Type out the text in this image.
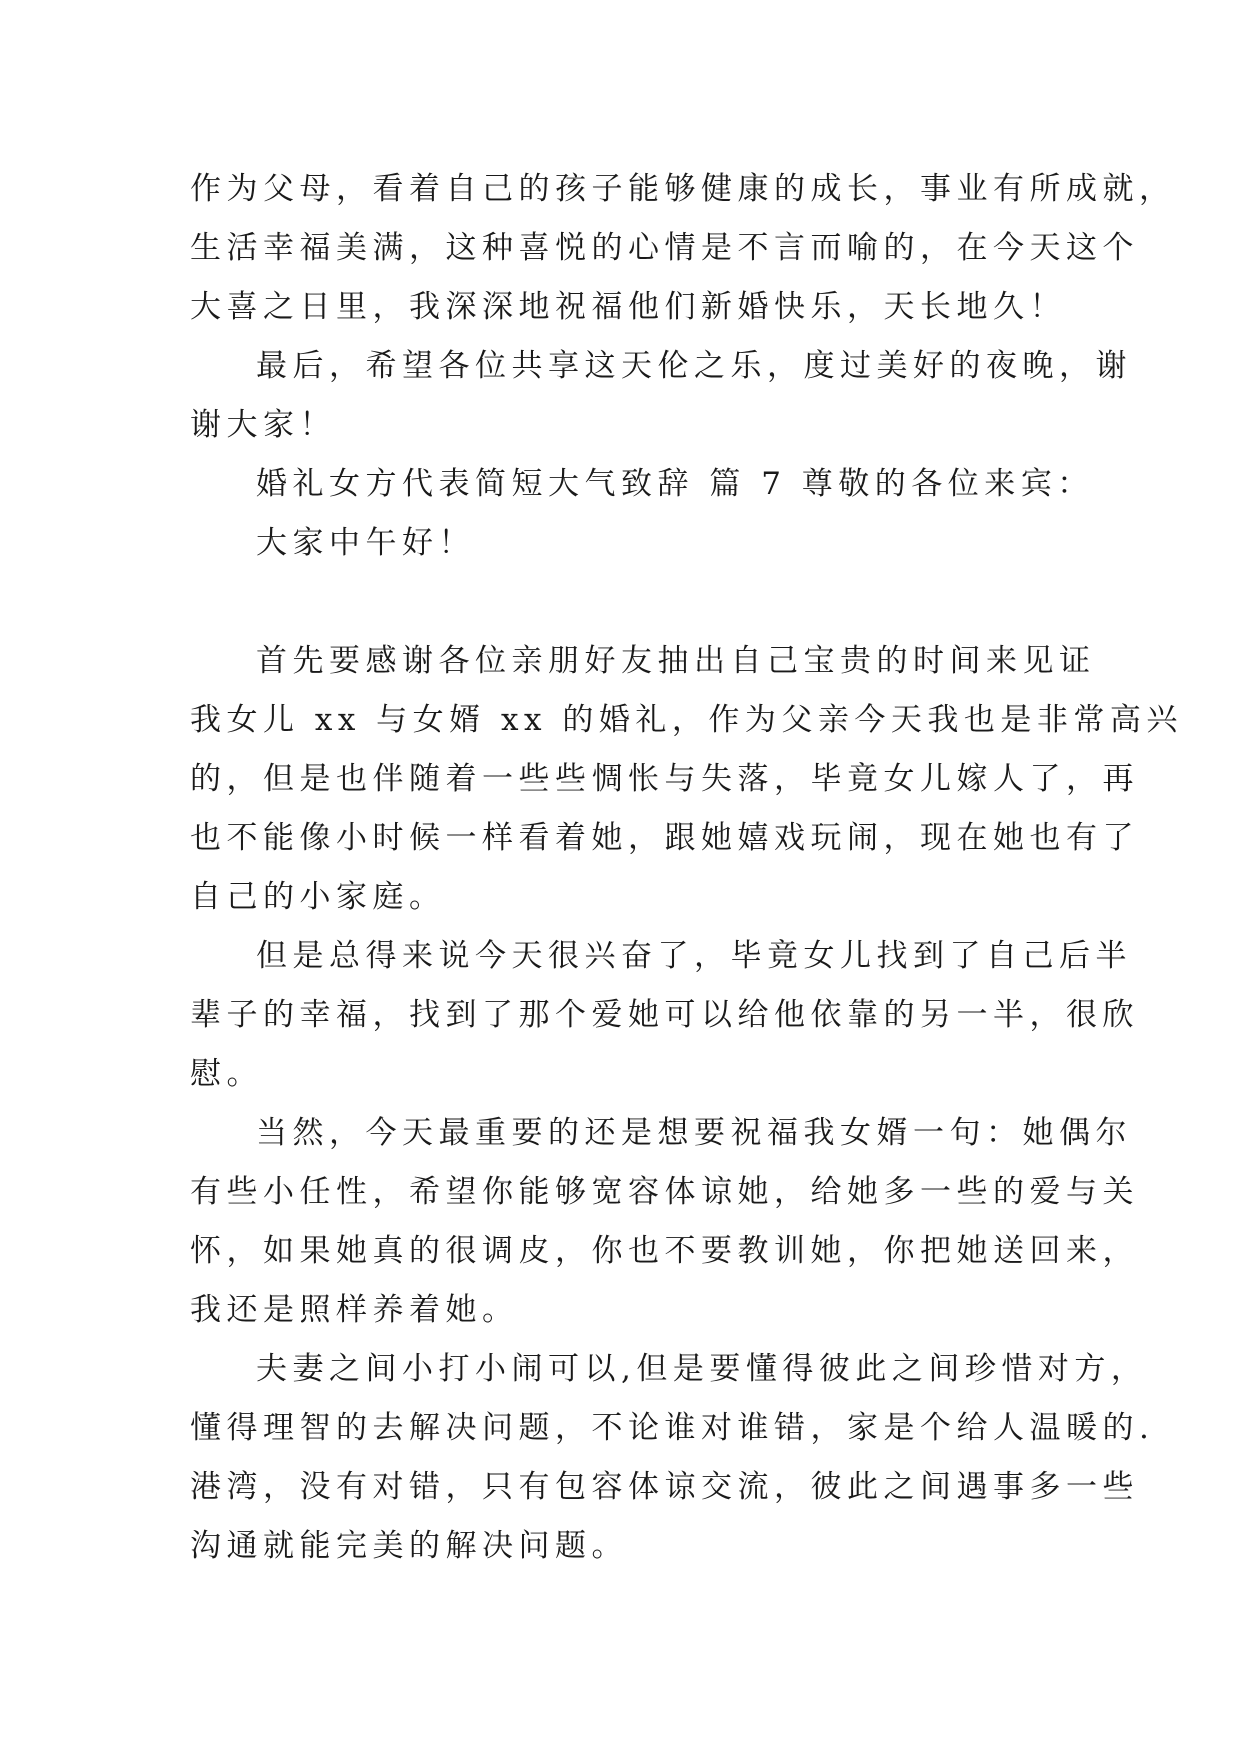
作为父母，看着自己的孩子能够健康的成长，事业有所成就，
生活幸福美满，这种喜悦的心情是不言而喻的，在今天这个
大喜之日里，我深深地祝福他们新婚快乐，天长地久！
最后，希望各位共享这天伦之乐，度过美好的夜晚，谢
谢大家！
婚礼女方代表简短大气致辞 篇 7 尊敬的各位来宾：
大家中午好！
首先要感谢各位亲朋好友抽出自己宝贵的时间来见证
我女儿 xx 与女婿 xx 的婚礼，作为父亲今天我也是非常高兴
的，但是也伴随着一些些惆怅与失落，毕竟女儿嫁人了，再
也不能像小时候一样看着她，跟她嬉戏玩闹，现在她也有了
自己的小家庭。
但是总得来说今天很兴奋了，毕竟女儿找到了自己后半
辈子的幸福，找到了那个爱她可以给他依靠的另一半，很欣
慰。
当然，今天最重要的还是想要祝福我女婿一句：她偶尔
有些小任性，希望你能够宽容体谅她，给她多一些的爱与关
怀，如果她真的很调皮，你也不要教训她，你把她送回来，
我还是照样养着她。
夫妻之间小打小闹可以,但是要懂得彼此之间珍惜对方，
懂得理智的去解决问题，不论谁对谁错，家是个给人温暖的.
港湾，没有对错，只有包容体谅交流，彼此之间遇事多一些
沟通就能完美的解决问题。
